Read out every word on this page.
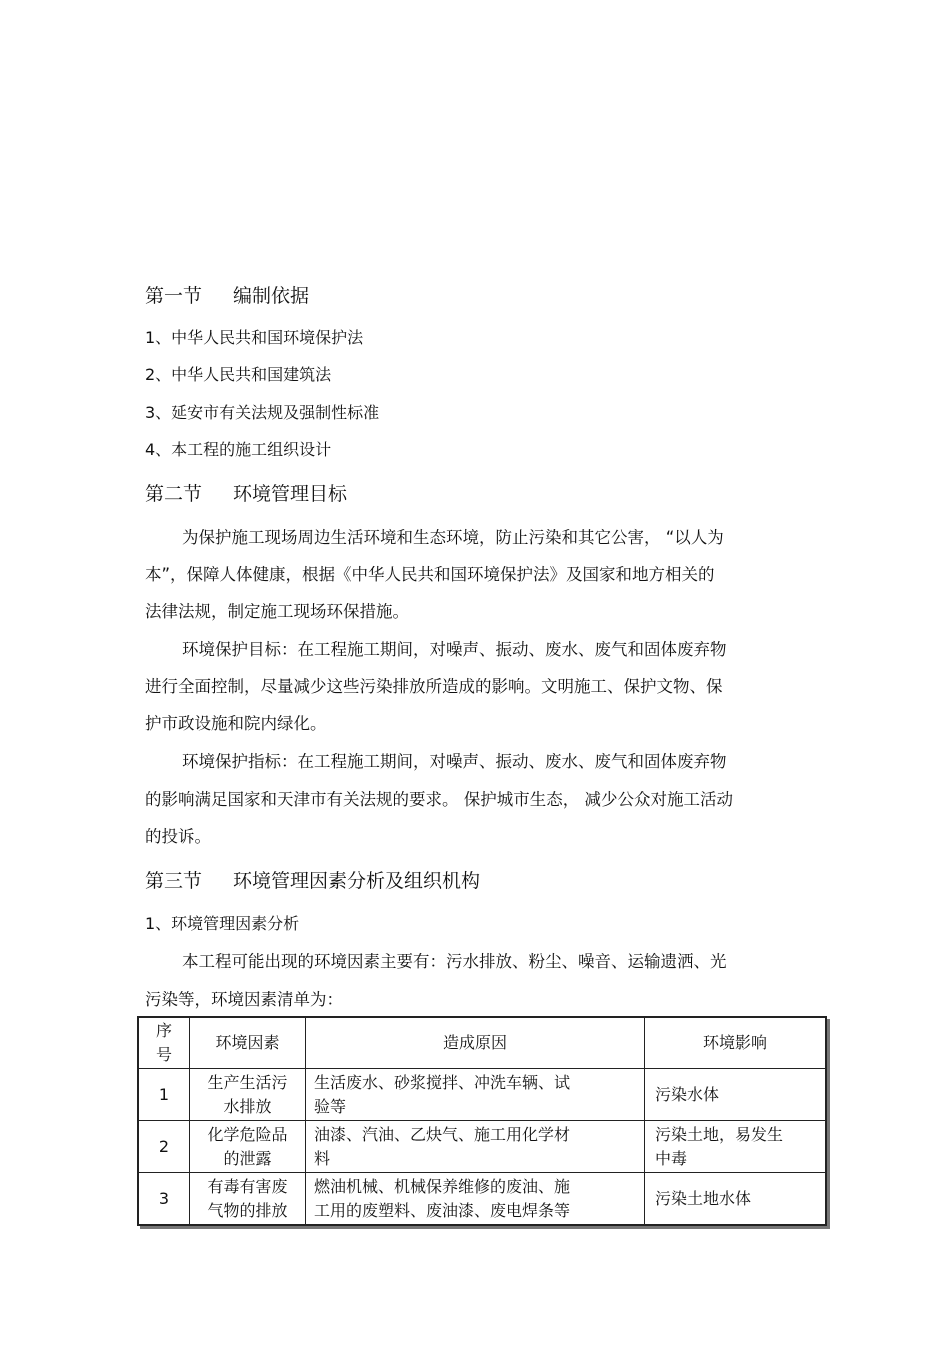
第一节 编制依据
1、中华人民共和国环境保护法
2、中华人民共和国建筑法
3、延安市有关法规及强制性标准
4、本工程的施工组织设计
第二节 环境管理目标
为保护施工现场周边生活环境和生态环境，防止污染和其它公害， “以人为
本”，保障人体健康，根据《中华人民共和国环境保护法》及国家和地方相关的
法律法规，制定施工现场环保措施。
环境保护目标：在工程施工期间，对噪声、振动、废水、废气和固体废弃物
进行全面控制，尽量减少这些污染排放所造成的影响。文明施工、保护文物、保
护市政设施和院内绿化。
环境保护指标：在工程施工期间，对噪声、振动、废水、废气和固体废弃物
的影响满足国家和天津市有关法规的要求。 保护城市生态， 减少公众对施工活动
的投诉。
第三节 环境管理因素分析及组织机构
1、环境管理因素分析
本工程可能出现的环境因素主要有：污水排放、粉尘、噪音、运输遗洒、光
污染等，环境因素清单为：
序
号	环境因素	造成原因	环境影响

1	生产生活污
水排放	生活废水、砂浆搅拌、冲洗车辆、试
验等	污染水体

2	化学危险品
的泄露	油漆、汽油、乙炔气、施工用化学材
料	污染土地，易发生
中毒

3	有毒有害废
气物的排放	燃油机械、机械保养维修的废油、施
工用的废塑料、废油漆、废电焊条等	污染土地水体
